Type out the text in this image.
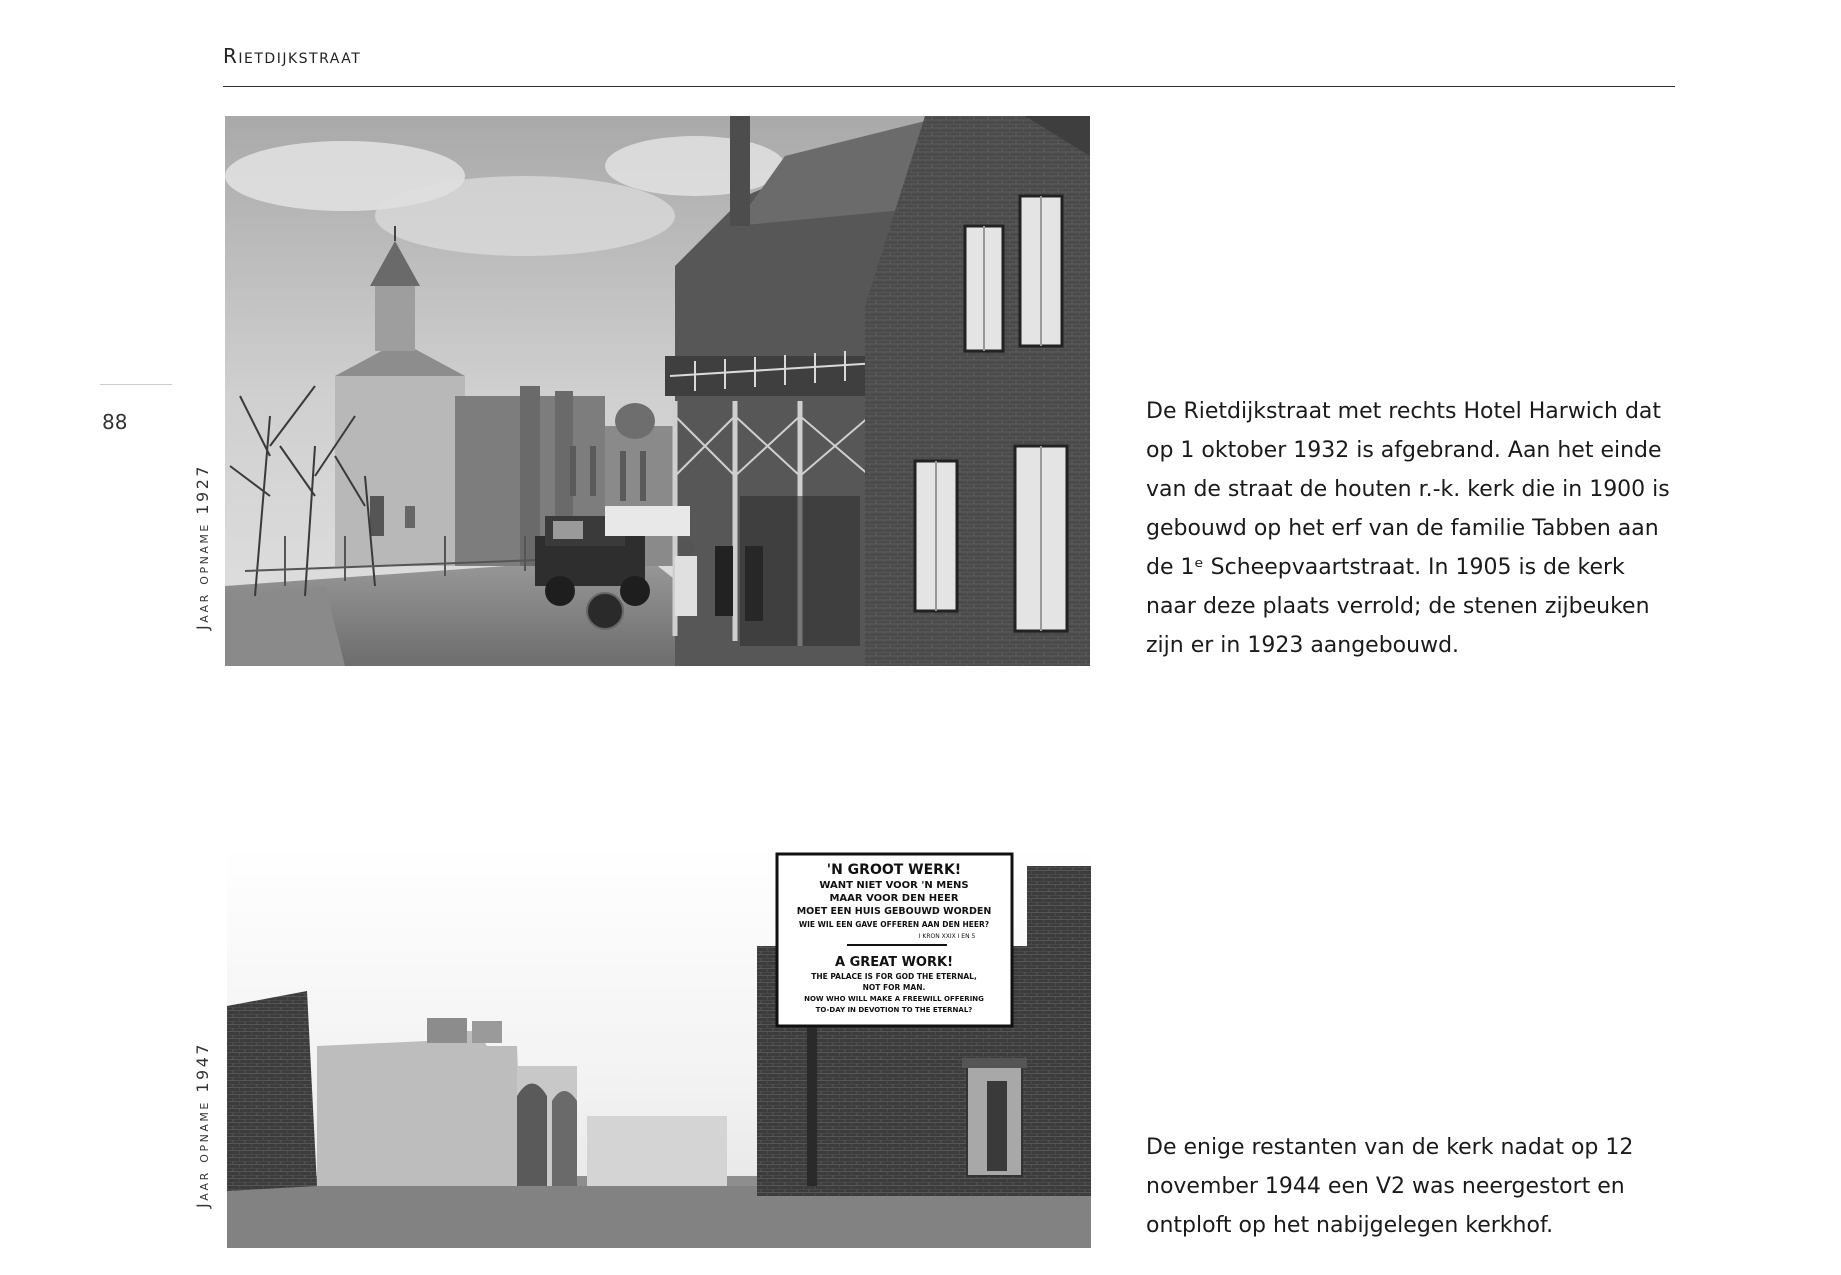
Rietdijkstraat
88
Jaar opname 1927
Jaar opname 1947

De Rietdijkstraat met rechts Hotel Harwich dat

op 1 oktober 1932 is afgebrand. Aan het einde

van de straat de houten r.-k. kerk die in 1900 is

gebouwd op het erf van de familie Tabben aan

de 1ᵉ Scheepvaartstraat. In 1905 is de kerk

naar deze plaats verrold; de stenen zijbeuken

zijn er in 1923 aangebouwd.

'N GROOT WERK!
WANT NIET VOOR 'N MENS
MAAR VOOR DEN HEER
MOET EEN HUIS GEBOUWD WORDEN
WIE WIL EEN GAVE OFFEREN AAN DEN HEER?
I KRON XXIX I EN 5
A GREAT WORK!
THE PALACE IS FOR GOD THE ETERNAL,
NOT FOR MAN.
NOW WHO WILL MAKE A FREEWILL OFFERING
TO-DAY IN DEVOTION TO THE ETERNAL?

De enige restanten van de kerk nadat op 12

november 1944 een V2 was neergestort en

ontploft op het nabijgelegen kerkhof.
